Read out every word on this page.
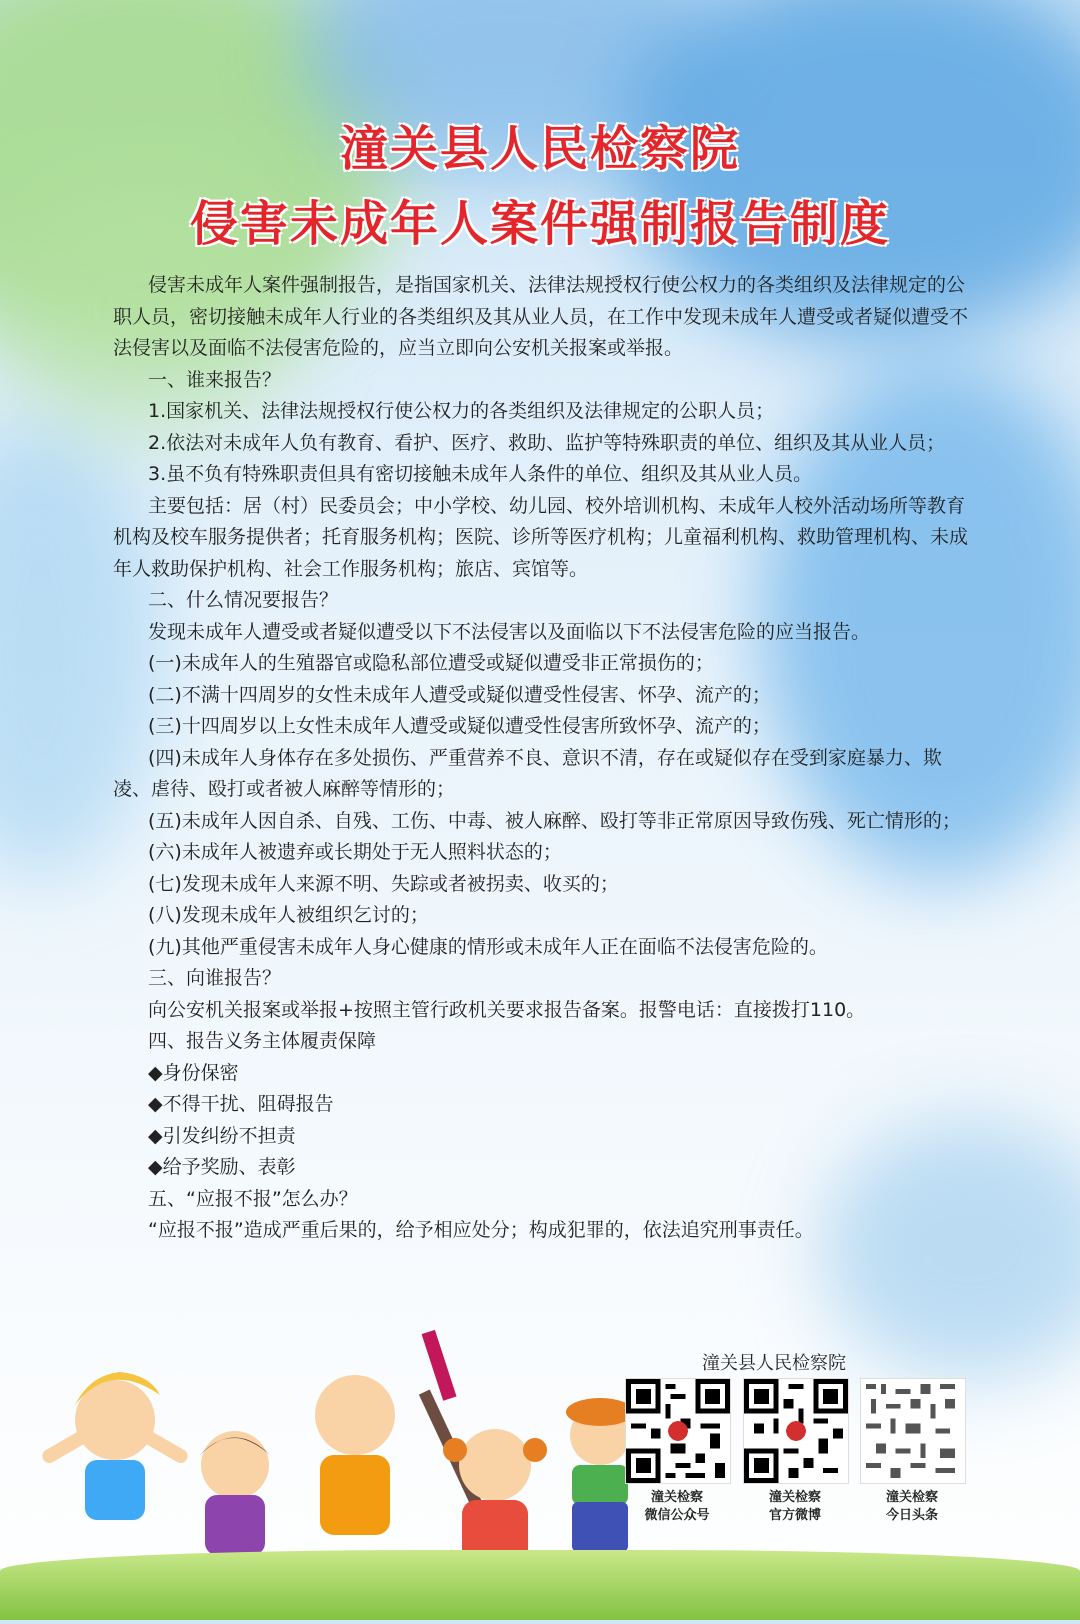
潼关县人民检察院
侵害未成年人案件强制报告制度

侵害未成年人案件强制报告，是指国家机关、法律法规授权行使公权力的各类组织及法律规定的公职人员，密切接触未成年人行业的各类组织及其从业人员，在工作中发现未成年人遭受或者疑似遭受不法侵害以及面临不法侵害危险的，应当立即向公安机关报案或举报。

一、谁来报告？

1.国家机关、法律法规授权行使公权力的各类组织及法律规定的公职人员；

2.依法对未成年人负有教育、看护、医疗、救助、监护等特殊职责的单位、组织及其从业人员；

3.虽不负有特殊职责但具有密切接触未成年人条件的单位、组织及其从业人员。

主要包括：居（村）民委员会；中小学校、幼儿园、校外培训机构、未成年人校外活动场所等教育机构及校车服务提供者；托育服务机构；医院、诊所等医疗机构；儿童福利机构、救助管理机构、未成年人救助保护机构、社会工作服务机构；旅店、宾馆等。

二、什么情况要报告？

发现未成年人遭受或者疑似遭受以下不法侵害以及面临以下不法侵害危险的应当报告。

(一)未成年人的生殖器官或隐私部位遭受或疑似遭受非正常损伤的；

(二)不满十四周岁的女性未成年人遭受或疑似遭受性侵害、怀孕、流产的；

(三)十四周岁以上女性未成年人遭受或疑似遭受性侵害所致怀孕、流产的；

(四)未成年人身体存在多处损伤、严重营养不良、意识不清，存在或疑似存在受到家庭暴力、欺凌、虐待、殴打或者被人麻醉等情形的；

(五)未成年人因自杀、自残、工伤、中毒、被人麻醉、殴打等非正常原因导致伤残、死亡情形的；

(六)未成年人被遗弃或长期处于无人照料状态的；

(七)发现未成年人来源不明、失踪或者被拐卖、收买的；

(八)发现未成年人被组织乞讨的；

(九)其他严重侵害未成年人身心健康的情形或未成年人正在面临不法侵害危险的。

三、向谁报告？

向公安机关报案或举报+按照主管行政机关要求报告备案。报警电话：直接拨打110。

四、报告义务主体履责保障

◆身份保密

◆不得干扰、阻碍报告

◆引发纠纷不担责

◆给予奖励、表彰

五、“应报不报”怎么办？

“应报不报”造成严重后果的，给予相应处分；构成犯罪的，依法追究刑事责任。

潼关县人民检察院
潼关检察
微信公众号
潼关检察
官方微博
潼关检察
今日头条
